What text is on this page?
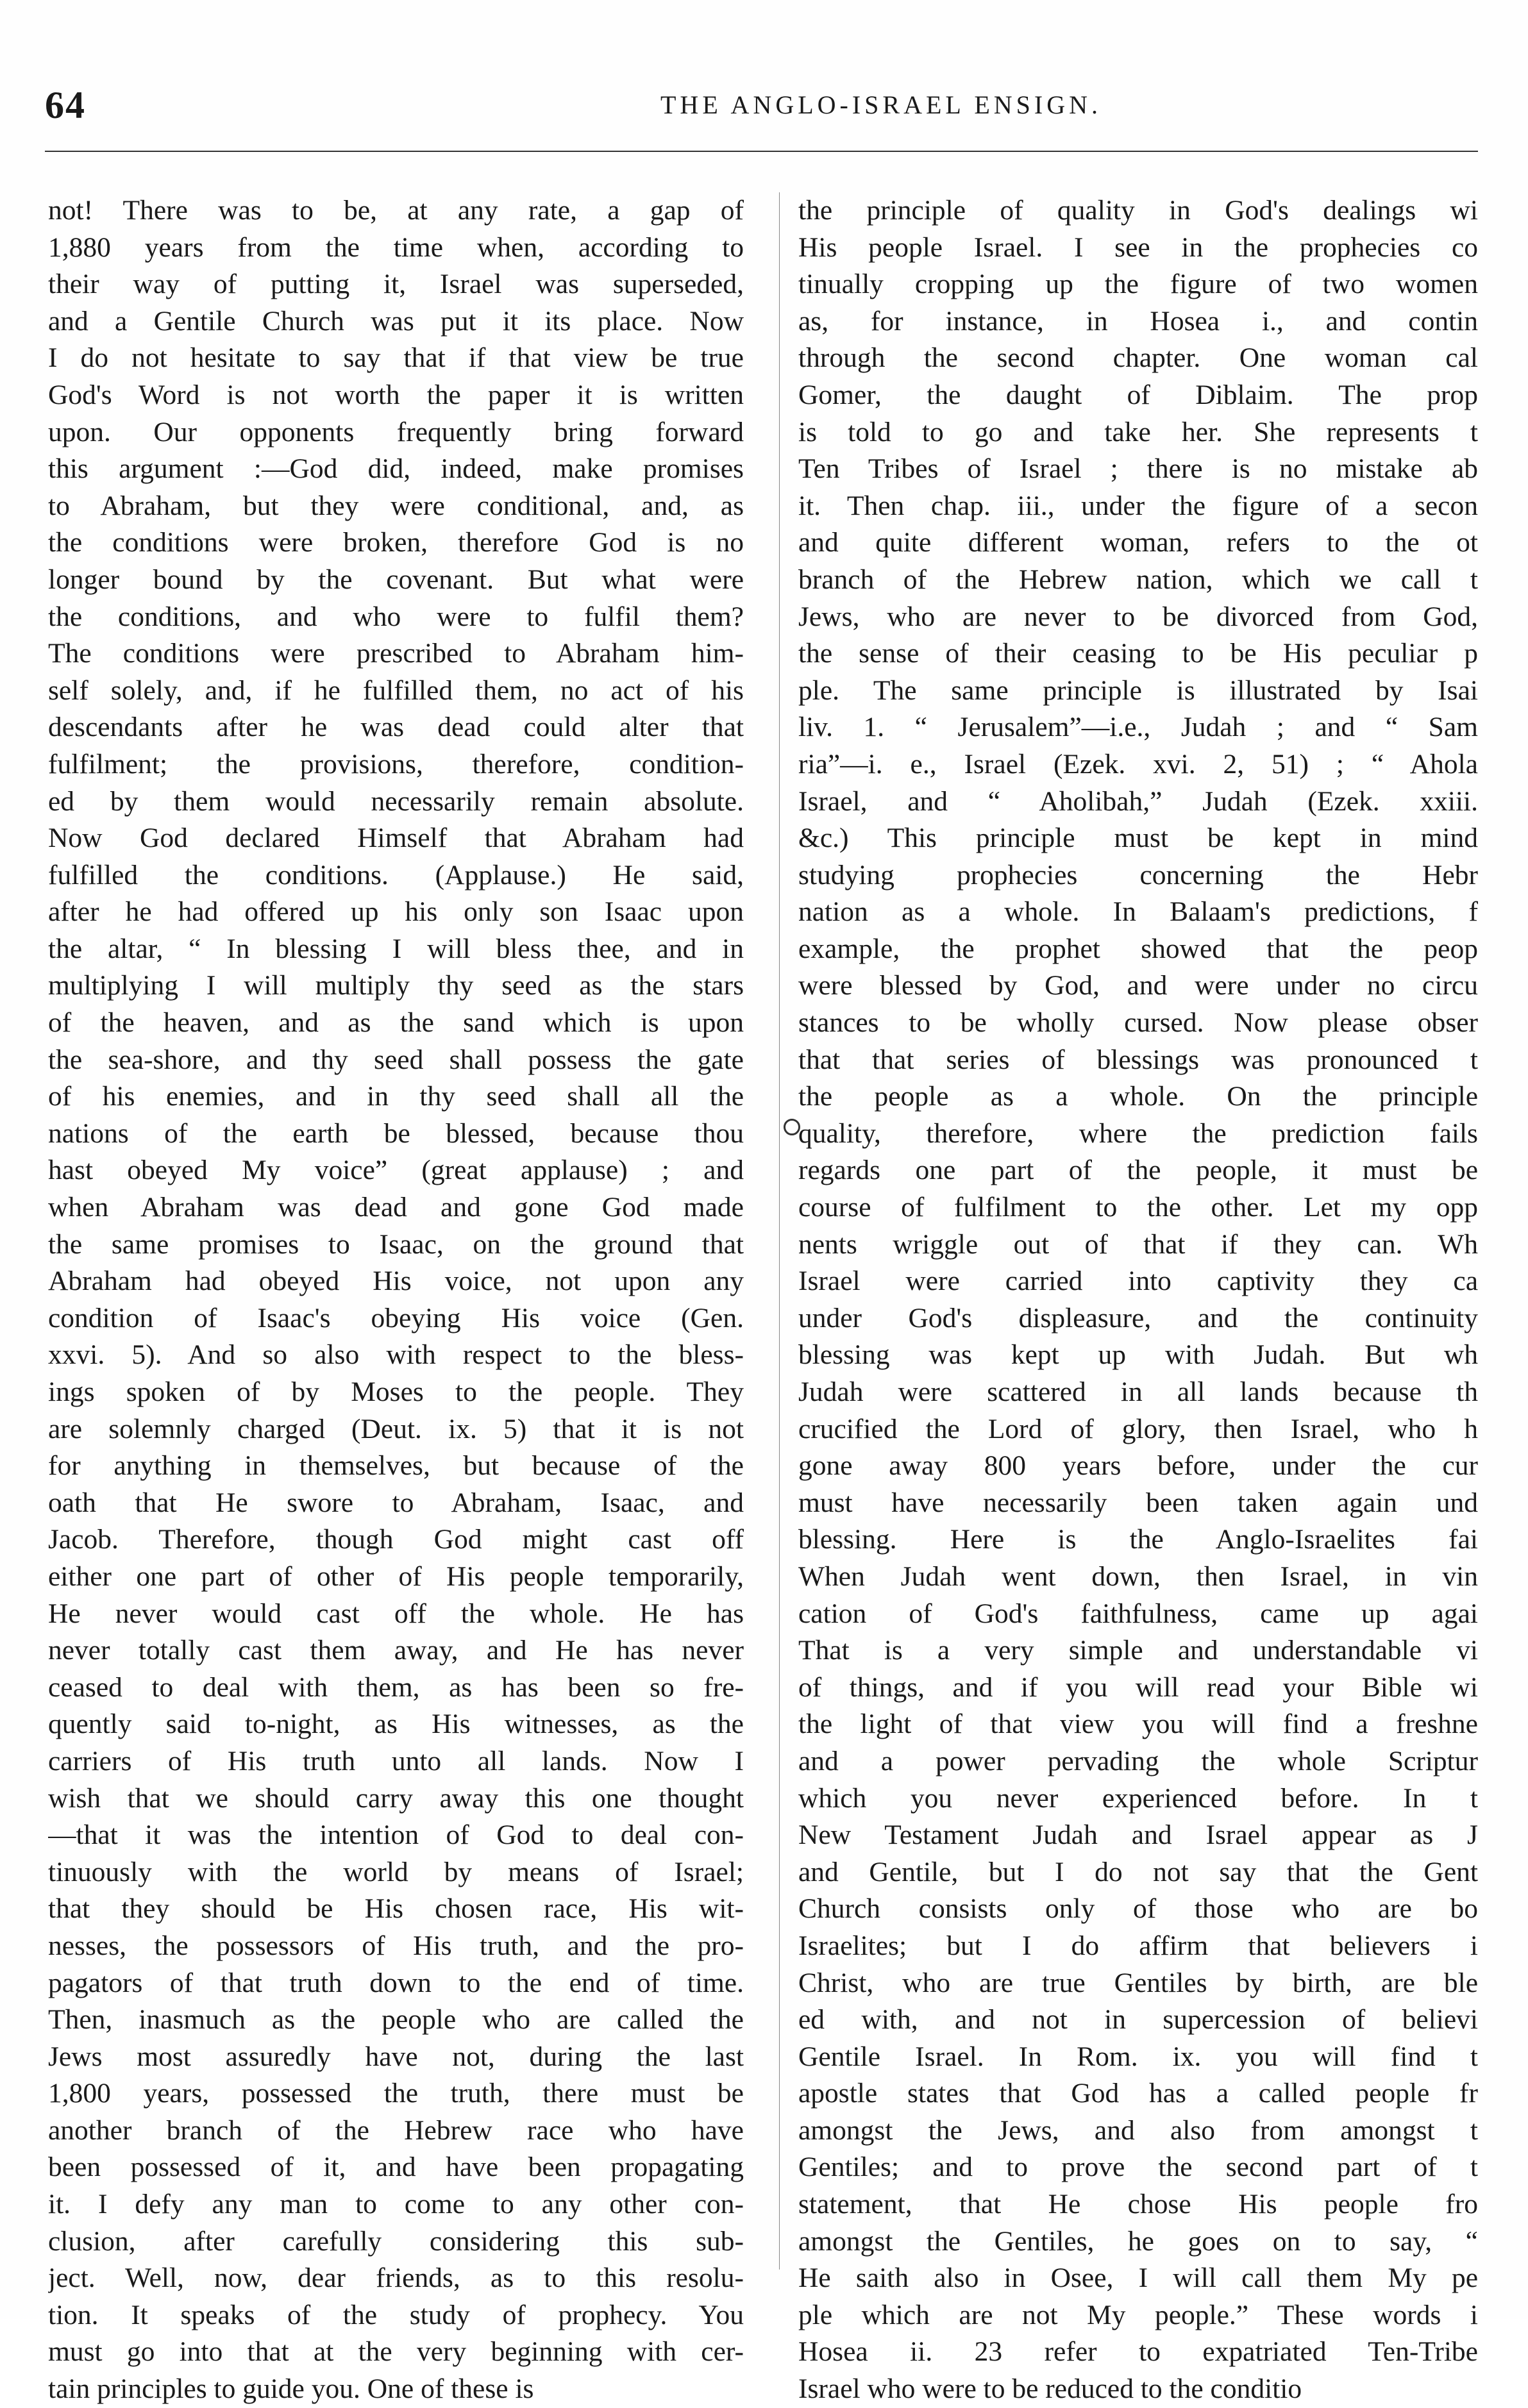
64	THE ANGLO-ISRAEL ENSIGN.
not! There was to be, at any rate, a gap of
1,880 years from the time when, according to
their way of putting it, Israel was superseded,
and a Gentile Church was put it its place. Now
I do not hesitate to say that if that view be true
God's Word is not worth the paper it is written
upon. Our opponents frequently bring forward
this argument :—God did, indeed, make promises
to Abraham, but they were conditional, and, as
the conditions were broken, therefore God is no
longer bound by the covenant. But what were
the conditions, and who were to fulfil them?
The conditions were prescribed to Abraham him-
self solely, and, if he fulfilled them, no act of his
descendants after he was dead could alter that
fulfilment; the provisions, therefore, condition-
ed by them would necessarily remain absolute.
Now God declared Himself that Abraham had
fulfilled the conditions. (Applause.) He said,
after he had offered up his only son Isaac upon
the altar, “ In blessing I will bless thee, and in
multiplying I will multiply thy seed as the stars
of the heaven, and as the sand which is upon
the sea-shore, and thy seed shall possess the gate
of his enemies, and in thy seed shall all the
nations of the earth be blessed, because thou
hast obeyed My voice” (great applause) ; and
when Abraham was dead and gone God made
the same promises to Isaac, on the ground that
Abraham had obeyed His voice, not upon any
condition of Isaac's obeying His voice (Gen.
xxvi. 5). And so also with respect to the bless-
ings spoken of by Moses to the people. They
are solemnly charged (Deut. ix. 5) that it is not
for anything in themselves, but because of the
oath that He swore to Abraham, Isaac, and
Jacob. Therefore, though God might cast off
either one part of other of His people temporarily,
He never would cast off the whole. He has
never totally cast them away, and He has never
ceased to deal with them, as has been so fre-
quently said to-night, as His witnesses, as the
carriers of His truth unto all lands. Now I
wish that we should carry away this one thought
—that it was the intention of God to deal con-
tinuously with the world by means of Israel;
that they should be His chosen race, His wit-
nesses, the possessors of His truth, and the pro-
pagators of that truth down to the end of time.
Then, inasmuch as the people who are called the
Jews most assuredly have not, during the last
1,800 years, possessed the truth, there must be
another branch of the Hebrew race who have
been possessed of it, and have been propagating
it. I defy any man to come to any other con-
clusion, after carefully considering this sub-
ject. Well, now, dear friends, as to this resolu-
tion. It speaks of the study of prophecy. You
must go into that at the very beginning with cer-
tain principles to guide you. One of these is
the principle of quality in God's dealings wi
His people Israel. I see in the prophecies co
tinually cropping up the figure of two women
as, for instance, in Hosea i., and contin
through the second chapter. One woman cal
Gomer, the daught of Diblaim. The prop
is told to go and take her. She represents t
Ten Tribes of Israel ; there is no mistake ab
it. Then chap. iii., under the figure of a secon
and quite different woman, refers to the ot
branch of the Hebrew nation, which we call t
Jews, who are never to be divorced from God,
the sense of their ceasing to be His peculiar p
ple. The same principle is illustrated by Isai
liv. 1. “ Jerusalem”—i.e., Judah ; and “ Sam
ria”—i. e., Israel (Ezek. xvi. 2, 51) ; “ Ahola
Israel, and “ Aholibah,” Judah (Ezek. xxiii.
&c.) This principle must be kept in mind
studying prophecies concerning the Hebr
nation as a whole. In Balaam's predictions, f
example, the prophet showed that the peop
were blessed by God, and were under no circu
stances to be wholly cursed. Now please obser
that that series of blessings was pronounced t
the people as a whole. On the principle
quality, therefore, where the prediction fails
regards one part of the people, it must be
course of fulfilment to the other. Let my opp
nents wriggle out of that if they can. Wh
Israel were carried into captivity they ca
under God's displeasure, and the continuity
blessing was kept up with Judah. But wh
Judah were scattered in all lands because th
crucified the Lord of glory, then Israel, who h
gone away 800 years before, under the cur
must have necessarily been taken again und
blessing. Here is the Anglo-Israelites fai
When Judah went down, then Israel, in vin
cation of God's faithfulness, came up agai
That is a very simple and understandable vi
of things, and if you will read your Bible wi
the light of that view you will find a freshne
and a power pervading the whole Scriptur
which you never experienced before. In t
New Testament Judah and Israel appear as J
and Gentile, but I do not say that the Gent
Church consists only of those who are bo
Israelites; but I do affirm that believers i
Christ, who are true Gentiles by birth, are ble
ed with, and not in supercession of believi
Gentile Israel. In Rom. ix. you will find t
apostle states that God has a called people fr
amongst the Jews, and also from amongst t
Gentiles; and to prove the second part of t
statement, that He chose His people fro
amongst the Gentiles, he goes on to say, “
He saith also in Osee, I will call them My pe
ple which are not My people.” These words i
Hosea ii. 23 refer to expatriated Ten-Tribe
Israel who were to be reduced to the conditio
